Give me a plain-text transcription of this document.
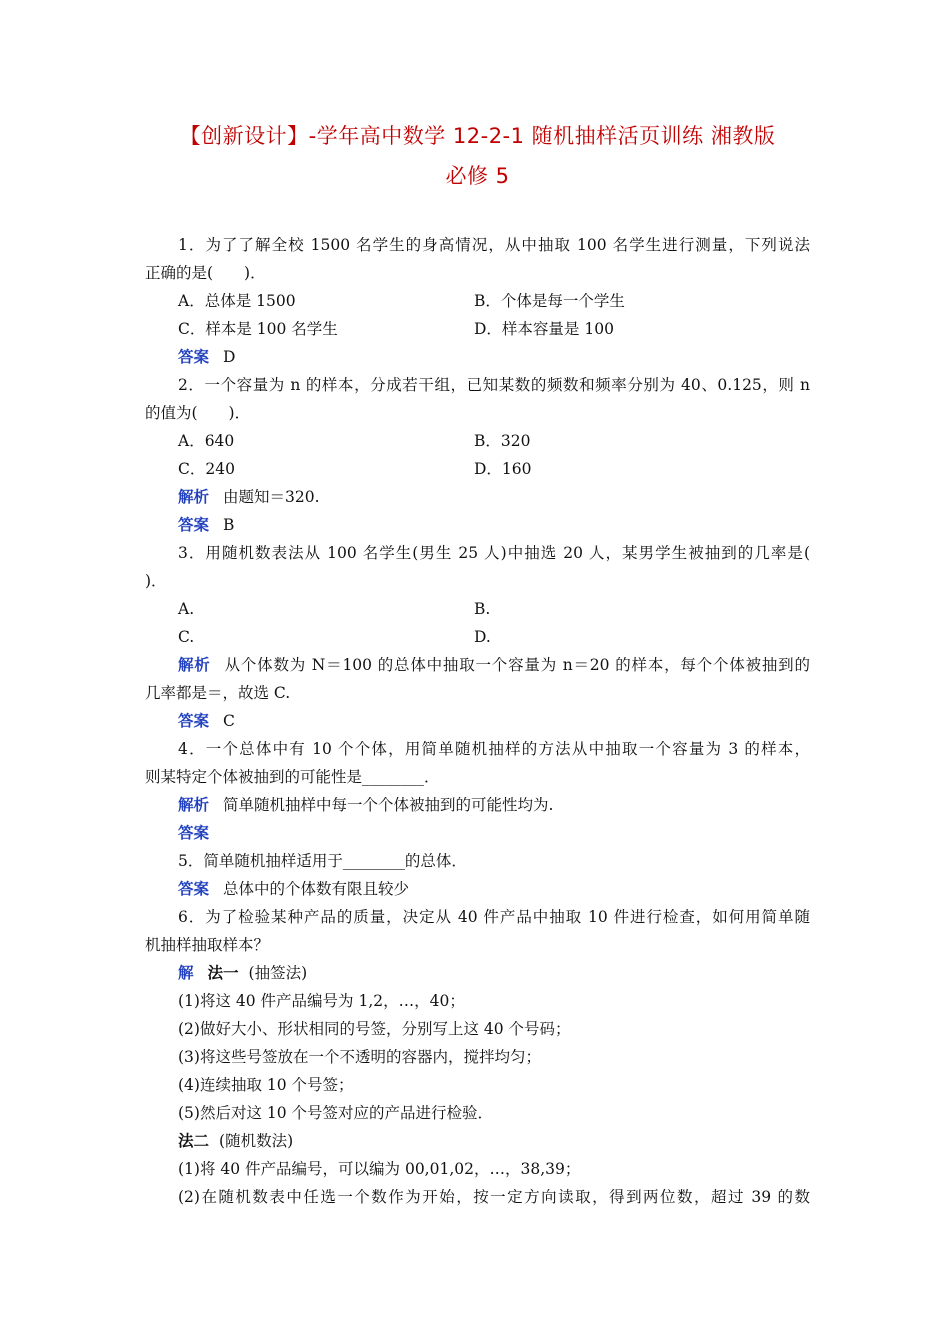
【创新设计】-学年高中数学 12-2-1 随机抽样活页训练 湘教版
必修 5
1．为了了解全校 1500 名学生的身高情况，从中抽取 100 名学生进行测量，下列说法
正确的是(　　)．
A．总体是 1500	B．个体是每一个学生
C．样本是 100 名学生	D．样本容量是 100
答案 D
2．一个容量为 n 的样本，分成若干组，已知某数的频数和频率分别为 40、0.125，则 n
的值为(　　)．
A．640	B．320
C．240	D．160
解析 由题知＝320.
答案 B
3．用随机数表法从 100 名学生(男生 25 人)中抽选 20 人，某男学生被抽到的几率是(
)．
A.	B.
C.	D.
解析 从个体数为 N＝100 的总体中抽取一个容量为 n＝20 的样本，每个个体被抽到的
几率都是＝，故选 C.
答案 C
4．一个总体中有 10 个个体，用简单随机抽样的方法从中抽取一个容量为 3 的样本，
则某特定个体被抽到的可能性是________．
解析 简单随机抽样中每一个个体被抽到的可能性均为.
答案
5．简单随机抽样适用于________的总体．
答案 总体中的个体数有限且较少
6．为了检验某种产品的质量，决定从 40 件产品中抽取 10 件进行检查，如何用简单随
机抽样抽取样本？
解 法一 (抽签法)
(1)将这 40 件产品编号为 1,2，…，40；
(2)做好大小、形状相同的号签，分别写上这 40 个号码；
(3)将这些号签放在一个不透明的容器内，搅拌均匀；
(4)连续抽取 10 个号签；
(5)然后对这 10 个号签对应的产品进行检验．
法二 (随机数法)
(1)将 40 件产品编号，可以编为 00,01,02，…，38,39；
(2)在随机数表中任选一个数作为开始，按一定方向读取，得到两位数，超过 39 的数
